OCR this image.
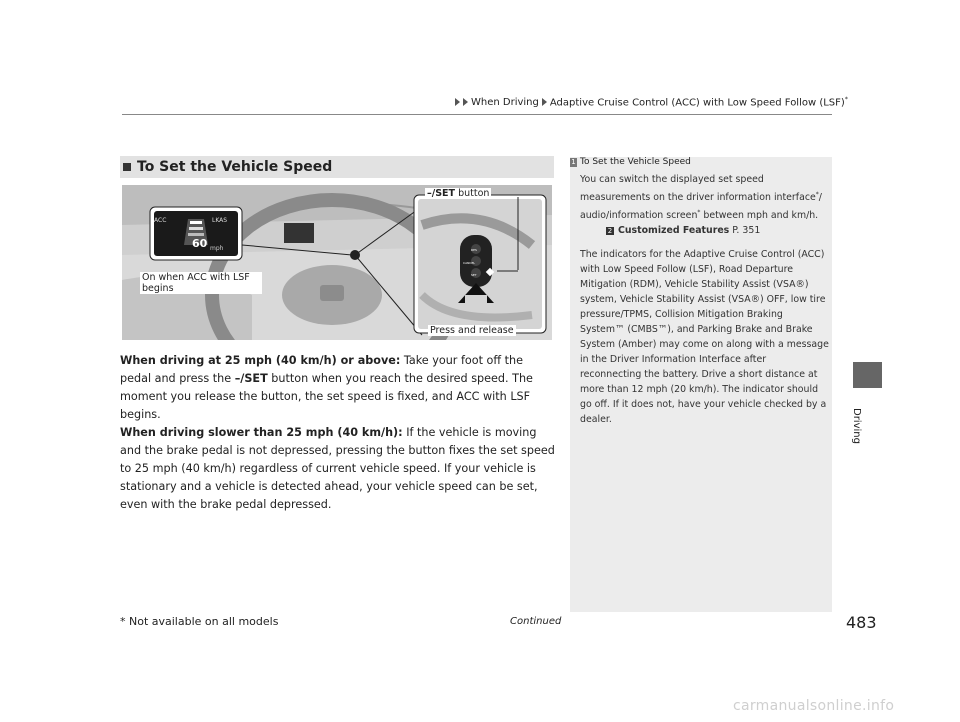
When Driving Adaptive Cruise Control (ACC) with Low Speed Follow (LSF)*
To Set the Vehicle Speed
–/SET button
ACC	LKAS
60 mph	RES
CANCEL
SET
On when ACC with LSF begins
Press and release
When driving at 25 mph (40 km/h) or above: Take your foot off the pedal and press the –/SET button when you reach the desired speed. The moment you release the button, the set speed is fixed, and ACC with LSF begins.
When driving slower than 25 mph (40 km/h): If the vehicle is moving and the brake pedal is not depressed, pressing the button fixes the set speed to 25 mph (40 km/h) regardless of current vehicle speed. If your vehicle is stationary and a vehicle is detected ahead, your vehicle speed can be set, even with the brake pedal depressed.
1 To Set the Vehicle Speed

You can switch the displayed set speed measurements on the driver information interface*/ audio/information screen* between mph and km/h.
2 Customized Features P. 351

The indicators for the Adaptive Cruise Control (ACC) with Low Speed Follow (LSF), Road Departure Mitigation (RDM), Vehicle Stability Assist (VSA®) system, Vehicle Stability Assist (VSA®) OFF, low tire pressure/TPMS, Collision Mitigation Braking System™ (CMBS™), and Parking Brake and Brake System (Amber) may come on along with a message in the Driver Information Interface after reconnecting the battery. Drive a short distance at more than 12 mph (20 km/h). The indicator should go off. If it does not, have your vehicle checked by a dealer.	Driving
* Not available on all models	Continued	483
carmanualsonline.info
